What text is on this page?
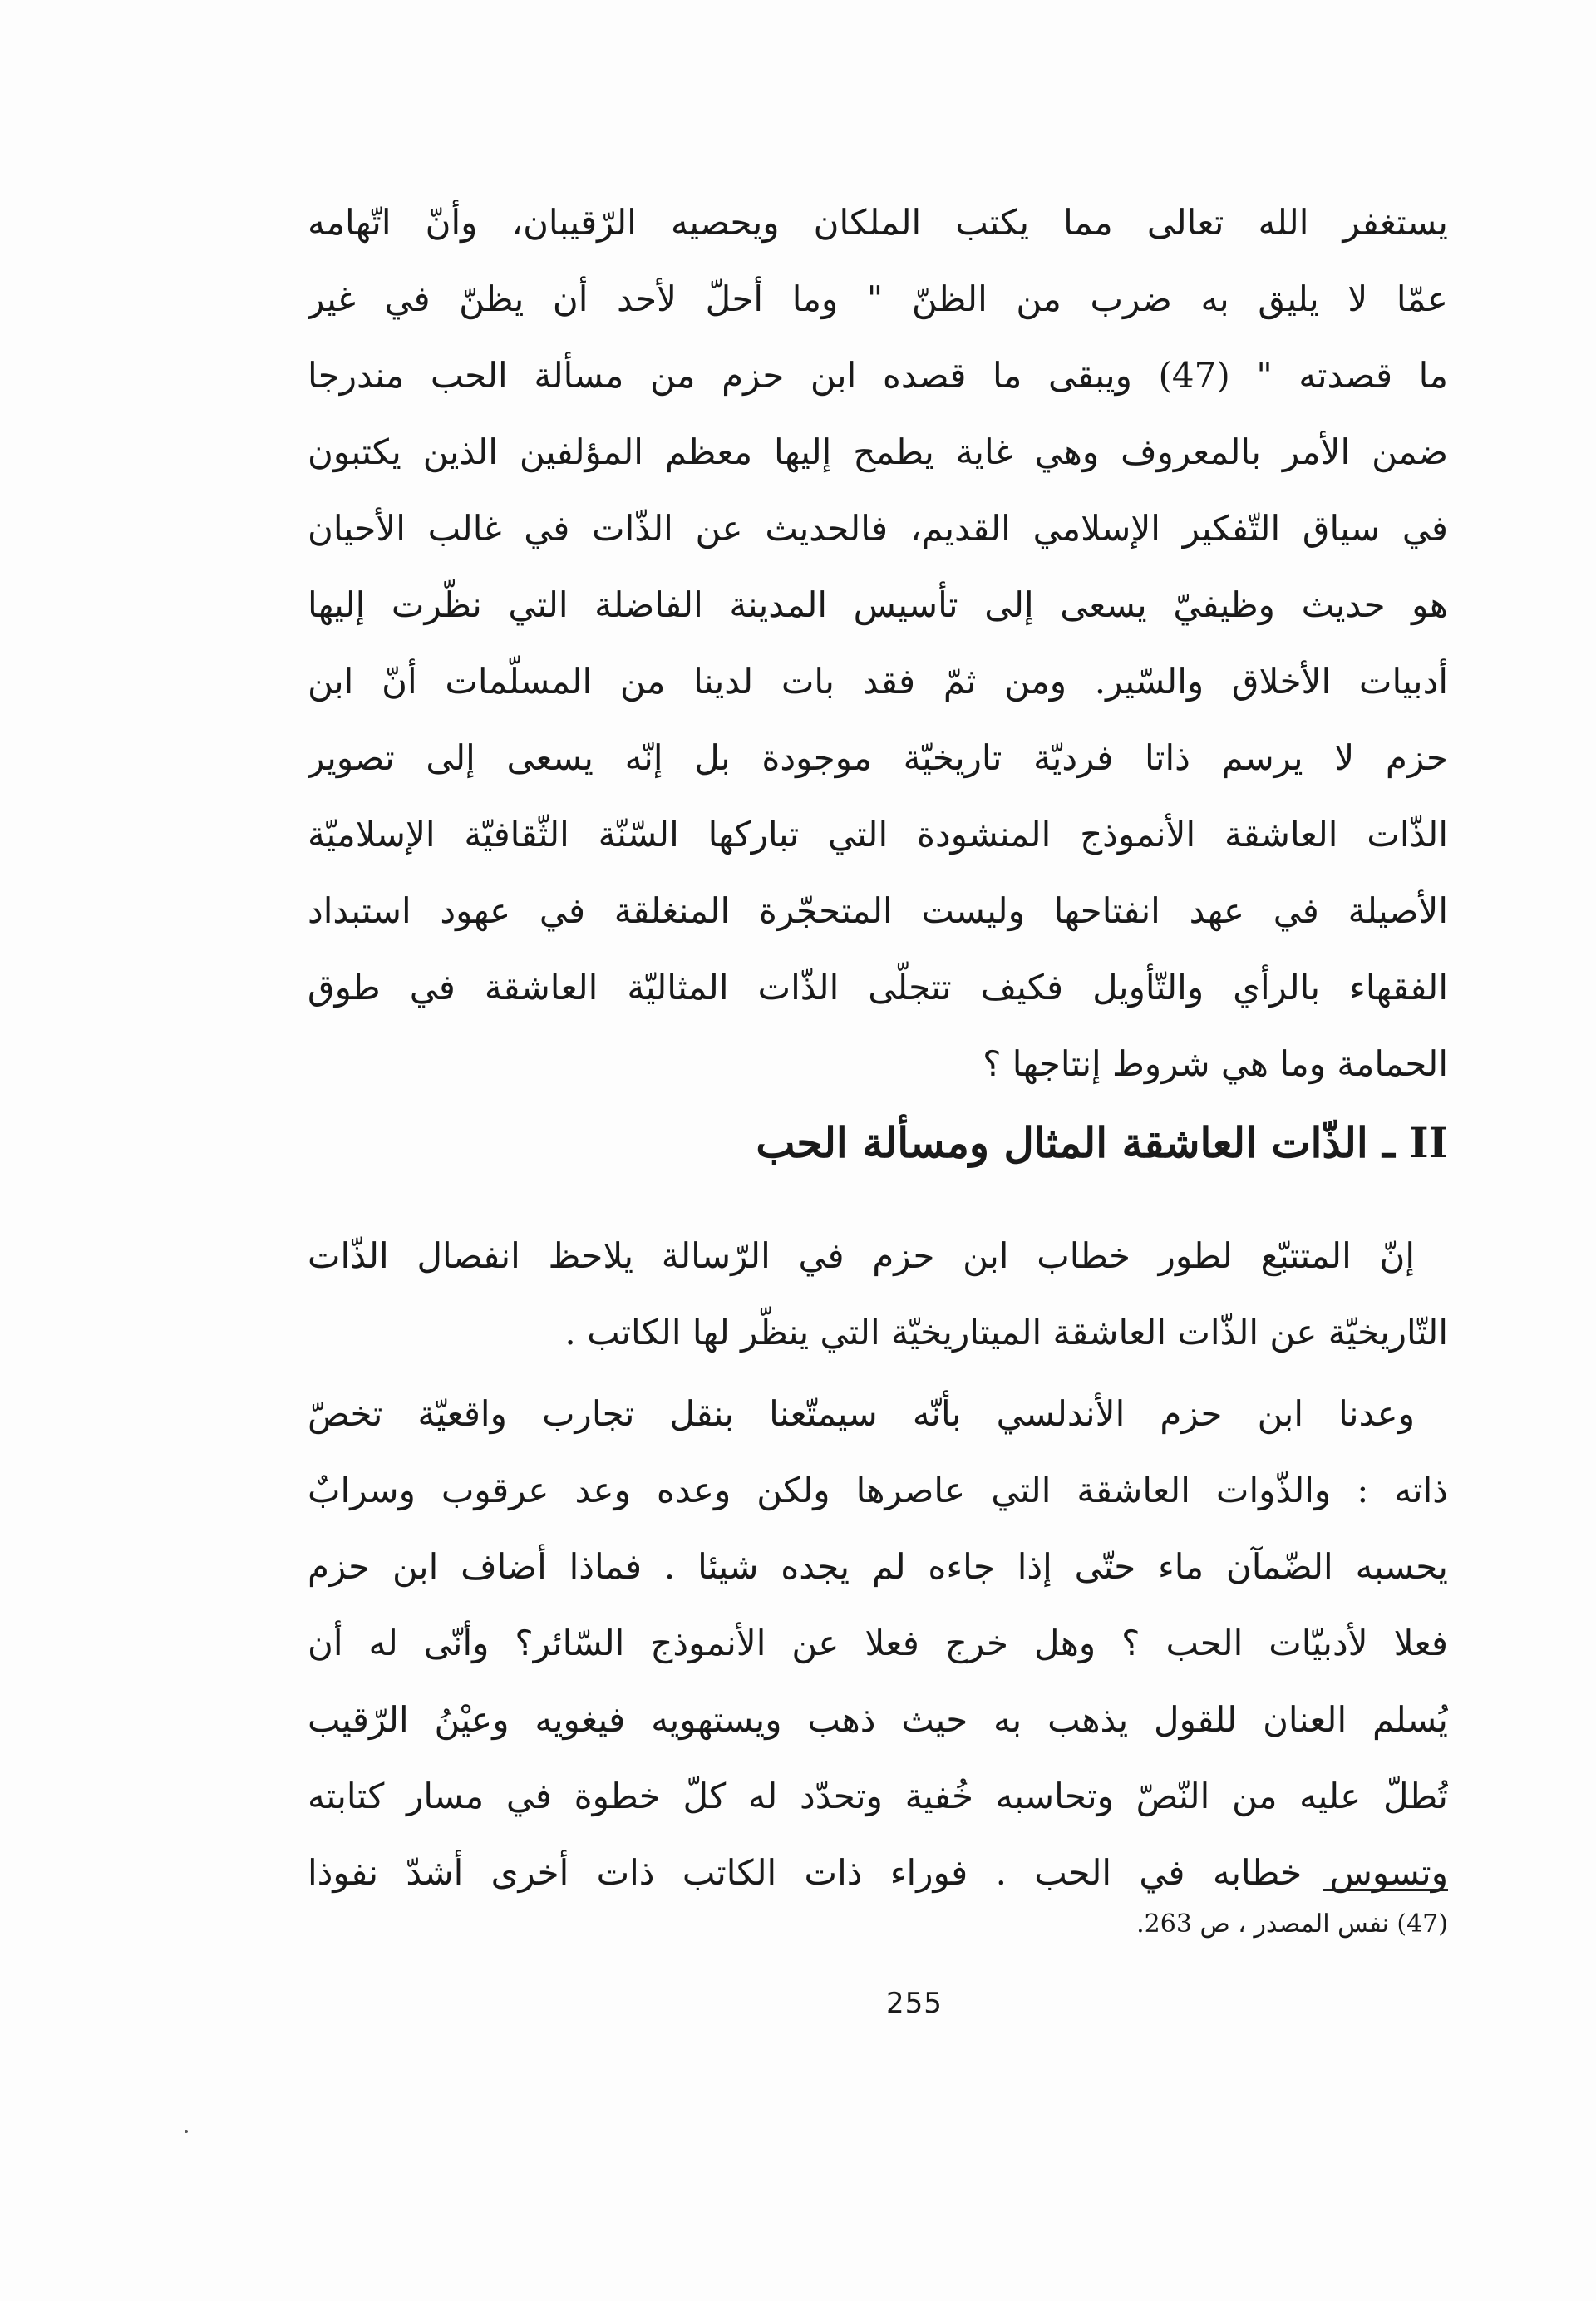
يستغفر الله تعالى مما يكتب الملكان ويحصيه الرّقيبان، وأنّ اتّهامه
عمّا لا يليق به ضرب من الظنّ " وما أحلّ لأحد أن يظنّ في غير
ما قصدته " (47) ويبقى ما قصده ابن حزم من مسألة الحب مندرجا
ضمن الأمر بالمعروف وهي غاية يطمح إليها معظم المؤلفين الذين يكتبون
في سياق التّفكير الإسلامي القديم، فالحديث عن الذّات في غالب الأحيان
هو حديث وظيفيّ يسعى إلى تأسيس المدينة الفاضلة التي نظّرت إليها
أدبيات الأخلاق والسّير. ومن ثمّ فقد بات لدينا من المسلّمات أنّ ابن
حزم لا يرسم ذاتا فرديّة تاريخيّة موجودة بل إنّه يسعى إلى تصوير
الذّات العاشقة الأنموذج المنشودة التي تباركها السّنّة الثّقافيّة الإسلاميّة
الأصيلة في عهد انفتاحها وليست المتحجّرة المنغلقة في عهود استبداد
الفقهاء بالرأي والتّأويل فكيف تتجلّى الذّات المثاليّة العاشقة في طوق
الحمامة وما هي شروط إنتاجها ؟
II ـ الذّات العاشقة المثال ومسألة الحب
إنّ المتتبّع لطور خطاب ابن حزم في الرّسالة يلاحظ انفصال الذّات
التّاريخيّة عن الذّات العاشقة الميتاريخيّة التي ينظّر لها الكاتب .
وعدنا ابن حزم الأندلسي بأنّه سيمتّعنا بنقل تجارب واقعيّة تخصّ
ذاته : والذّوات العاشقة التي عاصرها ولكن وعده وعد عرقوب وسرابٌ
يحسبه الضّمآن ماء حتّى إذا جاءه لم يجده شيئا . فماذا أضاف ابن حزم
فعلا لأدبيّات الحب ؟ وهل خرج فعلا عن الأنموذج السّائر؟ وأنّى له أن
يُسلم العنان للقول يذهب به حيث ذهب ويستهويه فيغويه وعيْنُ الرّقيب
تُطلّ عليه من النّصّ وتحاسبه خُفية وتحدّد له كلّ خطوة في مسار كتابته
وتسوس خطابه في الحب . فوراء ذات الكاتب ذات أخرى أشدّ نفوذا
(47) نفس المصدر ، ص 263.
255
